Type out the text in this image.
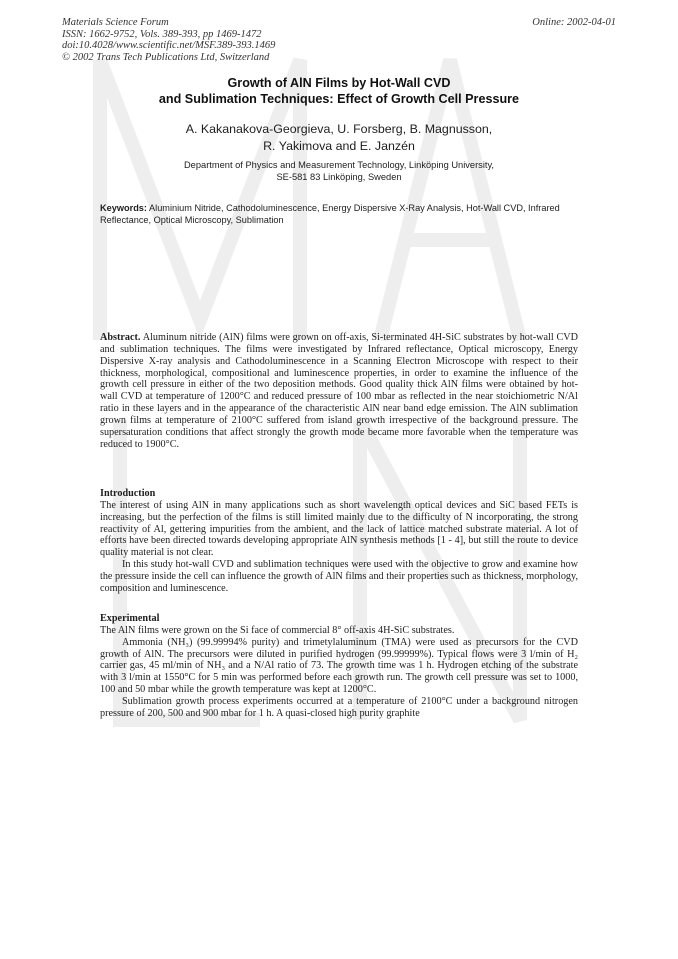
Materials Science Forum
ISSN: 1662-9752, Vols. 389-393, pp 1469-1472
doi:10.4028/www.scientific.net/MSF.389-393.1469
© 2002 Trans Tech Publications Ltd, Switzerland
Online: 2002-04-01
Growth of AlN Films by Hot-Wall CVD
and Sublimation Techniques: Effect of Growth Cell Pressure
A. Kakanakova-Georgieva, U. Forsberg, B. Magnusson,
R. Yakimova and E. Janzén
Department of Physics and Measurement Technology, Linköping University,
SE-581 83 Linköping, Sweden
Keywords: Aluminium Nitride, Cathodoluminescence, Energy Dispersive X-Ray Analysis, Hot-Wall CVD, Infrared Reflectance, Optical Microscopy, Sublimation

Abstract. Aluminum nitride (AlN) films were grown on off-axis, Si-terminated 4H-SiC substrates by hot-wall CVD and sublimation techniques. The films were investigated by Infrared reflectance, Optical microscopy, Energy Dispersive X-ray analysis and Cathodoluminescence in a Scanning Electron Microscope with respect to their thickness, morphological, compositional and luminescence properties, in order to examine the influence of the growth cell pressure in either of the two deposition methods. Good quality thick AlN films were obtained by hot-wall CVD at temperature of 1200°C and reduced pressure of 100 mbar as reflected in the near stoichiometric N/Al ratio in these layers and in the appearance of the characteristic AlN near band edge emission. The AlN sublimation grown films at temperature of 2100°C suffered from island growth irrespective of the background pressure. The supersaturation conditions that affect strongly the growth mode became more favorable when the temperature was reduced to 1900°C.

Introduction

The interest of using AlN in many applications such as short wavelength optical devices and SiC based FETs is increasing, but the perfection of the films is still limited mainly due to the difficulty of N incorporating, the strong reactivity of Al, gettering impurities from the ambient, and the lack of lattice matched substrate material. A lot of efforts have been directed towards developing appropriate AlN synthesis methods [1 - 4], but still the route to device quality material is not clear.

In this study hot-wall CVD and sublimation techniques were used with the objective to grow and examine how the pressure inside the cell can influence the growth of AlN films and their properties such as thickness, morphology, composition and luminescence.

Experimental

The AlN films were grown on the Si face of commercial 8° off-axis 4H-SiC substrates.

Ammonia (NH₃) (99.99994% purity) and trimetylaluminum (TMA) were used as precursors for the CVD growth of AlN. The precursors were diluted in purified hydrogen (99.99999%). Typical flows were 3 l/min of H₂ carrier gas, 45 ml/min of NH₃ and a N/Al ratio of 73. The growth time was 1 h. Hydrogen etching of the substrate with 3 l/min at 1550°C for 5 min was performed before each growth run. The growth cell pressure was set to 1000, 100 and 50 mbar while the growth temperature was kept at 1200°C.

Sublimation growth process experiments occurred at a temperature of 2100°C under a background nitrogen pressure of 200, 500 and 900 mbar for 1 h. A quasi-closed high purity graphite
